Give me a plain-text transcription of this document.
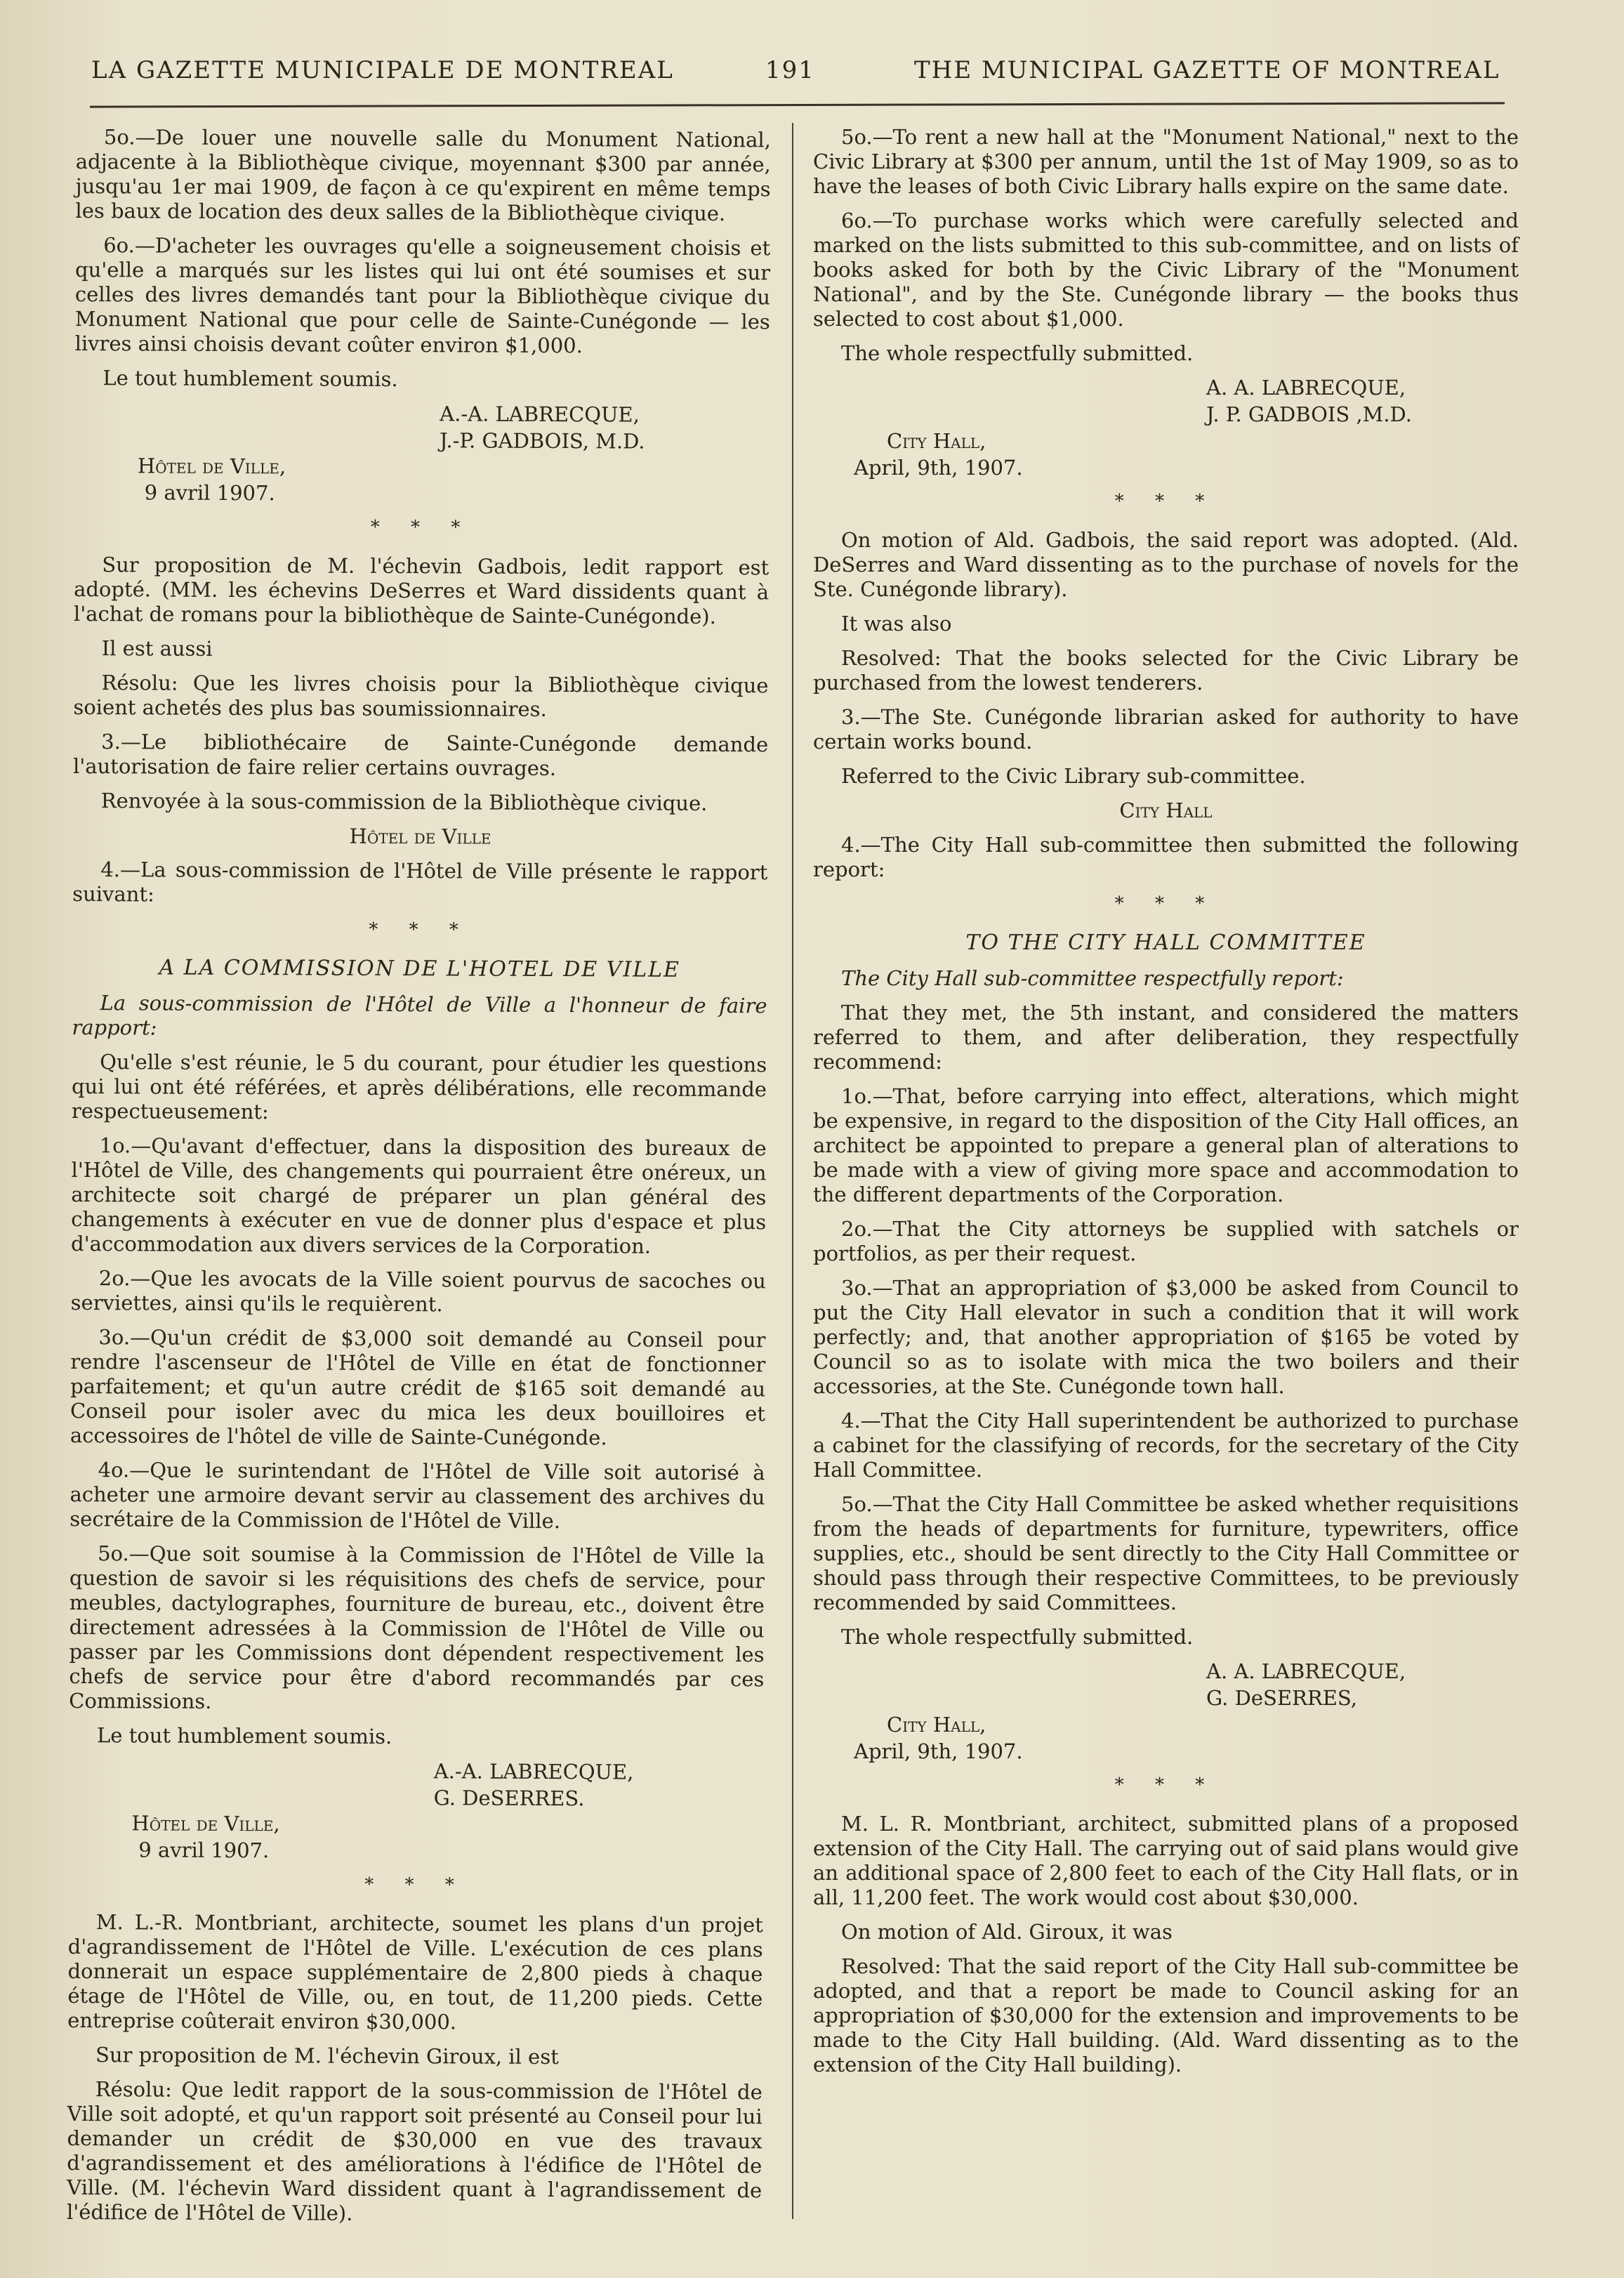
LA GAZETTE MUNICIPALE DE MONTREAL	191	THE MUNICIPAL GAZETTE OF MONTREAL

5o.—De louer une nouvelle salle du Monument National, adjacente à la Bibliothèque civique, moyennant $300 par année, jusqu'au 1er mai 1909, de façon à ce qu'expirent en même temps les baux de location des deux salles de la Bibliothèque civique.

6o.—D'acheter les ouvrages qu'elle a soigneusement choisis et qu'elle a marqués sur les listes qui lui ont été soumises et sur celles des livres demandés tant pour la Bibliothèque civique du Monument National que pour celle de Sainte-Cunégonde — les livres ainsi choisis devant coûter environ $1,000.

Le tout humblement soumis.

A.-A. LABRECQUE,
J.-P. GADBOIS, M.D.
Hôtel de Ville,
9 avril 1907.
* * *

Sur proposition de M. l'échevin Gadbois, ledit rapport est adopté. (MM. les échevins DeSerres et Ward dissidents quant à l'achat de romans pour la bibliothèque de Sainte-Cunégonde).

Il est aussi

Résolu: Que les livres choisis pour la Bibliothèque civique soient achetés des plus bas soumissionnaires.

3.—Le bibliothécaire de Sainte-Cunégonde demande l'autorisation de faire relier certains ouvrages.

Renvoyée à la sous-commission de la Bibliothèque civique.

Hôtel de Ville

4.—La sous-commission de l'Hôtel de Ville présente le rapport suivant:

* * *
A LA COMMISSION DE L'HOTEL DE VILLE

La sous-commission de l'Hôtel de Ville a l'honneur de faire rapport:

Qu'elle s'est réunie, le 5 du courant, pour étudier les questions qui lui ont été référées, et après délibérations, elle recommande respectueusement:

1o.—Qu'avant d'effectuer, dans la disposition des bureaux de l'Hôtel de Ville, des changements qui pourraient être onéreux, un architecte soit chargé de préparer un plan général des changements à exécuter en vue de donner plus d'espace et plus d'accommodation aux divers services de la Corporation.

2o.—Que les avocats de la Ville soient pourvus de sacoches ou serviettes, ainsi qu'ils le requièrent.

3o.—Qu'un crédit de $3,000 soit demandé au Conseil pour rendre l'ascenseur de l'Hôtel de Ville en état de fonctionner parfaitement; et qu'un autre crédit de $165 soit demandé au Conseil pour isoler avec du mica les deux bouilloires et accessoires de l'hôtel de ville de Sainte-Cunégonde.

4o.—Que le surintendant de l'Hôtel de Ville soit autorisé à acheter une armoire devant servir au classement des archives du secrétaire de la Commission de l'Hôtel de Ville.

5o.—Que soit soumise à la Commission de l'Hôtel de Ville la question de savoir si les réquisitions des chefs de service, pour meubles, dactylographes, fourniture de bureau, etc., doivent être directement adressées à la Commission de l'Hôtel de Ville ou passer par les Commissions dont dépendent respectivement les chefs de service pour être d'abord recommandés par ces Commissions.

Le tout humblement soumis.

A.-A. LABRECQUE,
G. DeSERRES.
Hôtel de Ville,
9 avril 1907.
* * *

M. L.-R. Montbriant, architecte, soumet les plans d'un projet d'agrandissement de l'Hôtel de Ville. L'exécution de ces plans donnerait un espace supplémentaire de 2,800 pieds à chaque étage de l'Hôtel de Ville, ou, en tout, de 11,200 pieds. Cette entreprise coûterait environ $30,000.

Sur proposition de M. l'échevin Giroux, il est

Résolu: Que ledit rapport de la sous-commission de l'Hôtel de Ville soit adopté, et qu'un rapport soit présenté au Conseil pour lui demander un crédit de $30,000 en vue des travaux d'agrandissement et des améliorations à l'édifice de l'Hôtel de Ville. (M. l'échevin Ward dissident quant à l'agrandissement de l'édifice de l'Hôtel de Ville).

5o.—To rent a new hall at the "Monument National," next to the Civic Library at $300 per annum, until the 1st of May 1909, so as to have the leases of both Civic Library halls expire on the same date.

6o.—To purchase works which were carefully selected and marked on the lists submitted to this sub-committee, and on lists of books asked for both by the Civic Library of the "Monument National", and by the Ste. Cunégonde library — the books thus selected to cost about $1,000.

The whole respectfully submitted.

A. A. LABRECQUE,
J. P. GADBOIS ,M.D.
City Hall,
April, 9th, 1907.
* * *

On motion of Ald. Gadbois, the said report was adopted. (Ald. DeSerres and Ward dissenting as to the purchase of novels for the Ste. Cunégonde library).

It was also

Resolved: That the books selected for the Civic Library be purchased from the lowest tenderers.

3.—The Ste. Cunégonde librarian asked for authority to have certain works bound.

Referred to the Civic Library sub-committee.

City Hall

4.—The City Hall sub-committee then submitted the following report:

* * *
TO THE CITY HALL COMMITTEE

The City Hall sub-committee respectfully report:

That they met, the 5th instant, and considered the matters referred to them, and after deliberation, they respectfully recommend:

1o.—That, before carrying into effect, alterations, which might be expensive, in regard to the disposition of the City Hall offices, an architect be appointed to prepare a general plan of alterations to be made with a view of giving more space and accommodation to the different departments of the Corporation.

2o.—That the City attorneys be supplied with satchels or portfolios, as per their request.

3o.—That an appropriation of $3,000 be asked from Council to put the City Hall elevator in such a condition that it will work perfectly; and, that another appropriation of $165 be voted by Council so as to isolate with mica the two boilers and their accessories, at the Ste. Cunégonde town hall.

4.—That the City Hall superintendent be authorized to purchase a cabinet for the classifying of records, for the secretary of the City Hall Committee.

5o.—That the City Hall Committee be asked whether requisitions from the heads of departments for furniture, typewriters, office supplies, etc., should be sent directly to the City Hall Committee or should pass through their respective Committees, to be previously recommended by said Committees.

The whole respectfully submitted.

A. A. LABRECQUE,
G. DeSERRES,
City Hall,
April, 9th, 1907.
* * *

M. L. R. Montbriant, architect, submitted plans of a proposed extension of the City Hall. The carrying out of said plans would give an additional space of 2,800 feet to each of the City Hall flats, or in all, 11,200 feet. The work would cost about $30,000.

On motion of Ald. Giroux, it was

Resolved: That the said report of the City Hall sub-committee be adopted, and that a report be made to Council asking for an appropriation of $30,000 for the extension and improvements to be made to the City Hall building. (Ald. Ward dissenting as to the extension of the City Hall building).
